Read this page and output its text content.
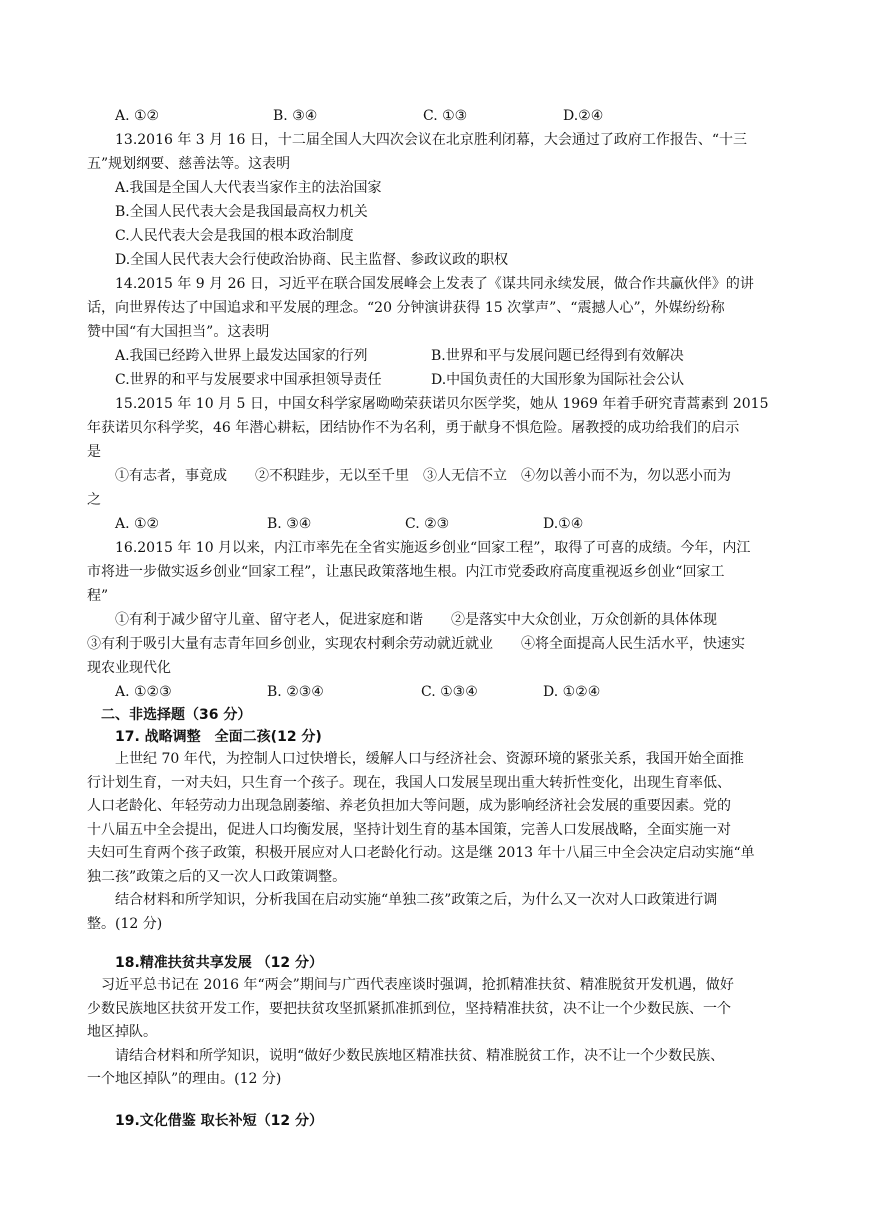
A. ①②	B. ③④	C. ①③	D.②④
13.2016 年 3 月 16 日，十二届全国人大四次会议在北京胜利闭幕，大会通过了政府工作报告、“十三
五”规划纲要、慈善法等。这表明
A.我国是全国人大代表当家作主的法治国家
B.全国人民代表大会是我国最高权力机关
C.人民代表大会是我国的根本政治制度
D.全国人民代表大会行使政治协商、民主监督、参政议政的职权
14.2015 年 9 月 26 日，习近平在联合国发展峰会上发表了《谋共同永续发展，做合作共赢伙伴》的讲
话，向世界传达了中国追求和平发展的理念。“20 分钟演讲获得 15 次掌声”、“震撼人心”，外媒纷纷称
赞中国“有大国担当”。这表明
A.我国已经跨入世界上最发达国家的行列	B.世界和平与发展问题已经得到有效解决
C.世界的和平与发展要求中国承担领导责任	D.中国负责任的大国形象为国际社会公认
15.2015 年 10 月 5 日，中国女科学家屠呦呦荣获诺贝尔医学奖，她从 1969 年着手研究青蒿素到 2015
年获诺贝尔科学奖，46 年潜心耕耘，团结协作不为名利，勇于献身不惧危险。屠教授的成功给我们的启示
是
①有志者，事竟成　　②不积跬步，无以至千里　③人无信不立　④勿以善小而不为，勿以恶小而为
之
A. ①②	B. ③④	C. ②③	D.①④
16.2015 年 10 月以来，内江市率先在全省实施返乡创业“回家工程”，取得了可喜的成绩。今年，内江
市将进一步做实返乡创业“回家工程”，让惠民政策落地生根。内江市党委政府高度重视返乡创业“回家工
程”
①有利于减少留守儿童、留守老人，促进家庭和谐　　②是落实中大众创业，万众创新的具体体现
③有利于吸引大量有志青年回乡创业，实现农村剩余劳动就近就业　　④将全面提高人民生活水平，快速实
现农业现代化
A. ①②③	B. ②③④	C. ①③④	D. ①②④
二、非选择题（36 分）
17. 战略调整　全面二孩(12 分)
上世纪 70 年代，为控制人口过快增长，缓解人口与经济社会、资源环境的紧张关系，我国开始全面推
行计划生育，一对夫妇，只生育一个孩子。现在，我国人口发展呈现出重大转折性变化，出现生育率低、
人口老龄化、年轻劳动力出现急剧萎缩、养老负担加大等问题，成为影响经济社会发展的重要因素。党的
十八届五中全会提出，促进人口均衡发展，坚持计划生育的基本国策，完善人口发展战略，全面实施一对
夫妇可生育两个孩子政策，积极开展应对人口老龄化行动。这是继 2013 年十八届三中全会决定启动实施“单
独二孩”政策之后的又一次人口政策调整。
结合材料和所学知识，分析我国在启动实施“单独二孩”政策之后，为什么又一次对人口政策进行调
整。(12 分)
18.精准扶贫共享发展 （12 分）
习近平总书记在 2016 年“两会”期间与广西代表座谈时强调，抢抓精准扶贫、精准脱贫开发机遇，做好
少数民族地区扶贫开发工作，要把扶贫攻坚抓紧抓准抓到位，坚持精准扶贫，决不让一个少数民族、一个
地区掉队。
请结合材料和所学知识，说明“做好少数民族地区精准扶贫、精准脱贫工作，决不让一个少数民族、
一个地区掉队”的理由。(12 分)
19.文化借鉴 取长补短（12 分）
